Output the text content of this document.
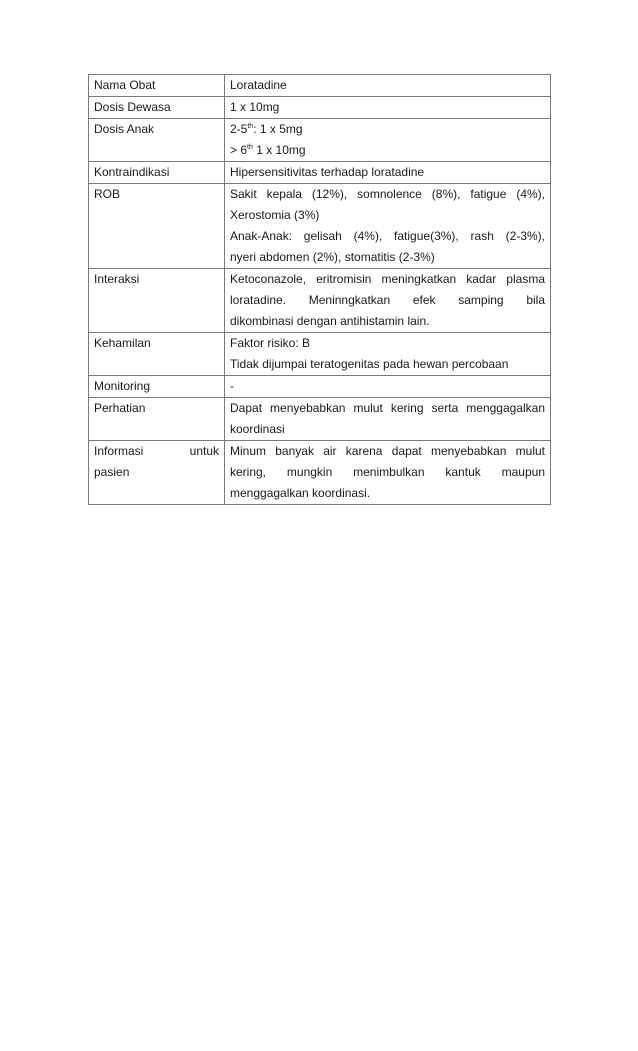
Nama Obat	Loratadine

Dosis Dewasa	1 x 10mg

Dosis Anak	2-5th: 1 x 5mg
> 6th 1 x 10mg

Kontraindikasi	Hipersensitivitas terhadap loratadine

ROB	Sakit kepala (12%), somnolence (8%), fatigue (4%),
Xerostomia (3%)
Anak-Anak: gelisah (4%), fatigue(3%), rash (2-3%),
nyeri abdomen (2%), stomatitis (2-3%)

Interaksi	Ketoconazole, eritromisin meningkatkan kadar plasma
loratadine. Meninngkatkan efek samping bila
dikombinasi dengan antihistamin lain.

Kehamilan	Faktor risiko: B
Tidak dijumpai teratogenitas pada hewan percobaan

Monitoring	-

Perhatian	Dapat menyebabkan mulut kering serta menggagalkan
koordinasi

Informasi untuk
pasien	Minum banyak air karena dapat menyebabkan mulut
kering, mungkin menimbulkan kantuk maupun
menggagalkan koordinasi.
